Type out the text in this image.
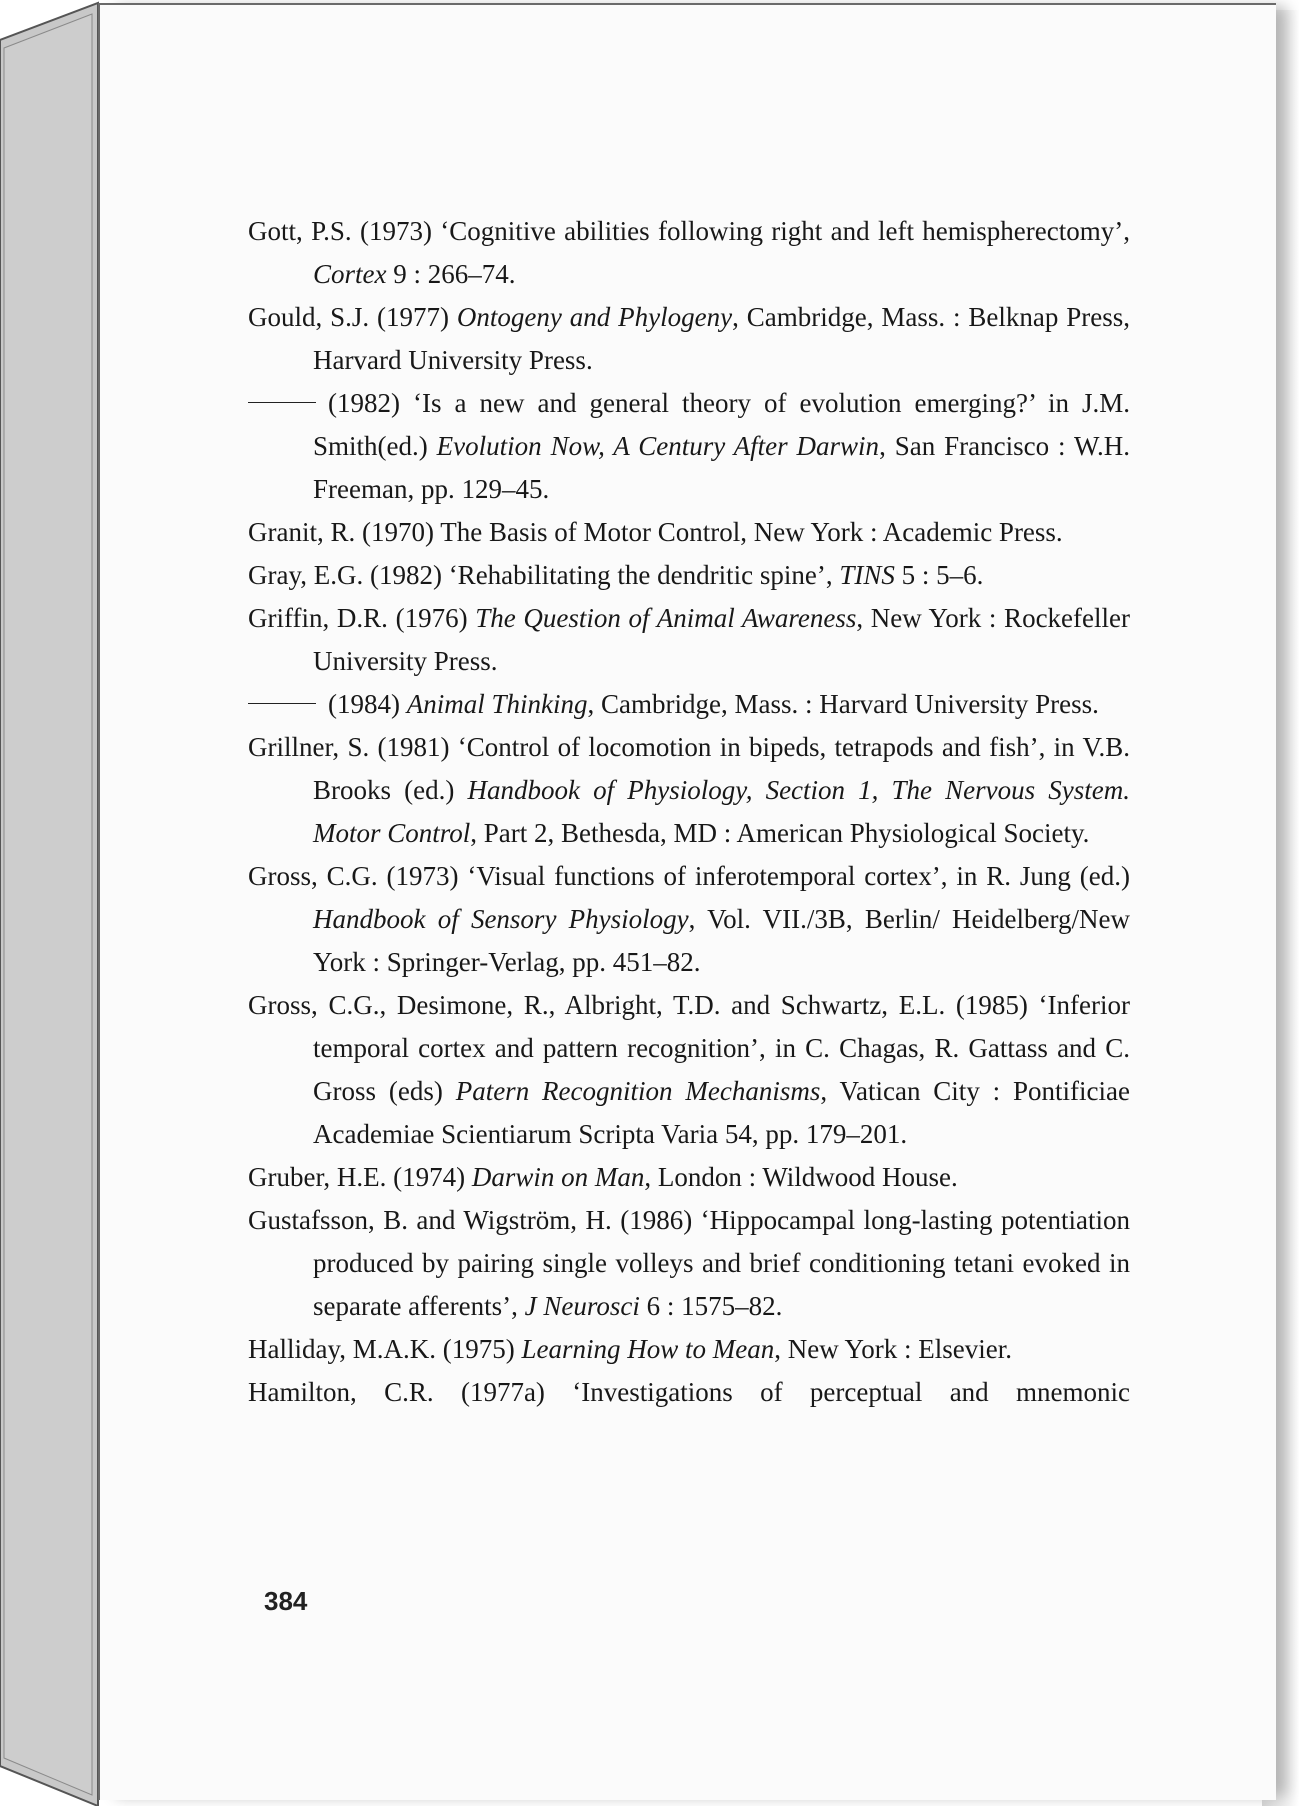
Gott, P.S. (1973) ‘Cognitive abilities following right and left hemispherectomy’, Cortex 9 : 266–74.

Gould, S.J. (1977) Ontogeny and Phylogeny, Cambridge, Mass. : Belknap Press, Harvard University Press.

(1982) ‘Is a new and general theory of evolution emerging?’ in J.M. Smith(ed.) Evolution Now, A Century After Darwin, San Francisco : W.H. Freeman, pp. 129–45.

Granit, R. (1970) The Basis of Motor Control, New York : Academic Press.

Gray, E.G. (1982) ‘Rehabilitating the dendritic spine’, TINS 5 : 5–6.

Griffin, D.R. (1976) The Question of Animal Awareness, New York : Rockefeller University Press.

(1984) Animal Thinking, Cambridge, Mass. : Harvard University Press.

Grillner, S. (1981) ‘Control of locomotion in bipeds, tetrapods and fish’, in V.B. Brooks (ed.) Handbook of Physiology, Section 1, The Nervous System. Motor Control, Part 2, Bethesda, MD : American Physiological Society.

Gross, C.G. (1973) ‘Visual functions of inferotemporal cortex’, in R. Jung (ed.) Handbook of Sensory Physiology, Vol. VII./3B, Berlin/ Heidelberg/New York : Springer-Verlag, pp. 451–82.

Gross, C.G., Desimone, R., Albright, T.D. and Schwartz, E.L. (1985) ‘Inferior temporal cortex and pattern recognition’, in C. Chagas, R. Gattass and C. Gross (eds) Patern Recognition Mechanisms, Vatican City : Pontificiae Academiae Scientiarum Scripta Varia 54, pp. 179–201.

Gruber, H.E. (1974) Darwin on Man, London : Wildwood House.

Gustafsson, B. and Wigström, H. (1986) ‘Hippocampal long-lasting potentiation produced by pairing single volleys and brief conditioning tetani evoked in separate afferents’, J Neurosci 6 : 1575–82.

Halliday, M.A.K. (1975) Learning How to Mean, New York : Elsevier.

Hamilton, C.R. (1977a) ‘Investigations of perceptual and mnemonic

384
